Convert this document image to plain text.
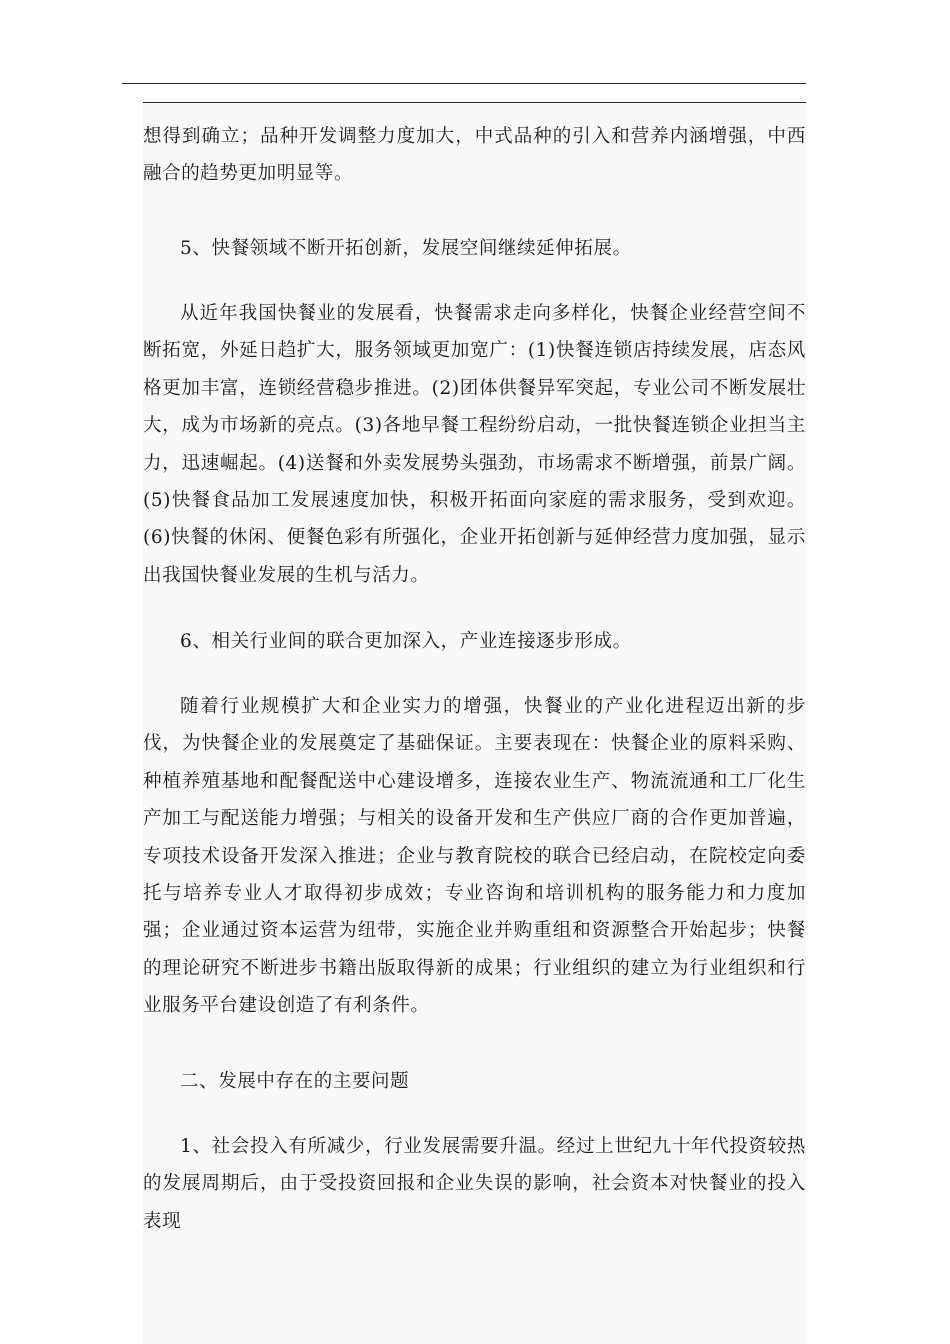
想得到确立；品种开发调整力度加大，中式品种的引入和营养内涵增强，中西融合的趋势更加明显等。

5、快餐领域不断开拓创新，发展空间继续延伸拓展。

从近年我国快餐业的发展看，快餐需求走向多样化，快餐企业经营空间不断拓宽，外延日趋扩大，服务领域更加宽广：(1)快餐连锁店持续发展，店态风格更加丰富，连锁经营稳步推进。(2)团体供餐异军突起，专业公司不断发展壮大，成为市场新的亮点。(3)各地早餐工程纷纷启动，一批快餐连锁企业担当主力，迅速崛起。(4)送餐和外卖发展势头强劲，市场需求不断增强，前景广阔。(5)快餐食品加工发展速度加快，积极开拓面向家庭的需求服务，受到欢迎。(6)快餐的休闲、便餐色彩有所强化，企业开拓创新与延伸经营力度加强，显示出我国快餐业发展的生机与活力。

6、相关行业间的联合更加深入，产业连接逐步形成。

随着行业规模扩大和企业实力的增强，快餐业的产业化进程迈出新的步伐，为快餐企业的发展奠定了基础保证。主要表现在：快餐企业的原料采购、种植养殖基地和配餐配送中心建设增多，连接农业生产、物流流通和工厂化生产加工与配送能力增强；与相关的设备开发和生产供应厂商的合作更加普遍，专项技术设备开发深入推进；企业与教育院校的联合已经启动，在院校定向委托与培养专业人才取得初步成效；专业咨询和培训机构的服务能力和力度加强；企业通过资本运营为纽带，实施企业并购重组和资源整合开始起步；快餐的理论研究不断进步书籍出版取得新的成果；行业组织的建立为行业组织和行业服务平台建设创造了有利条件。

二、发展中存在的主要问题

1、社会投入有所减少，行业发展需要升温。经过上世纪九十年代投资较热的发展周期后，由于受投资回报和企业失误的影响，社会资本对快餐业的投入表现
